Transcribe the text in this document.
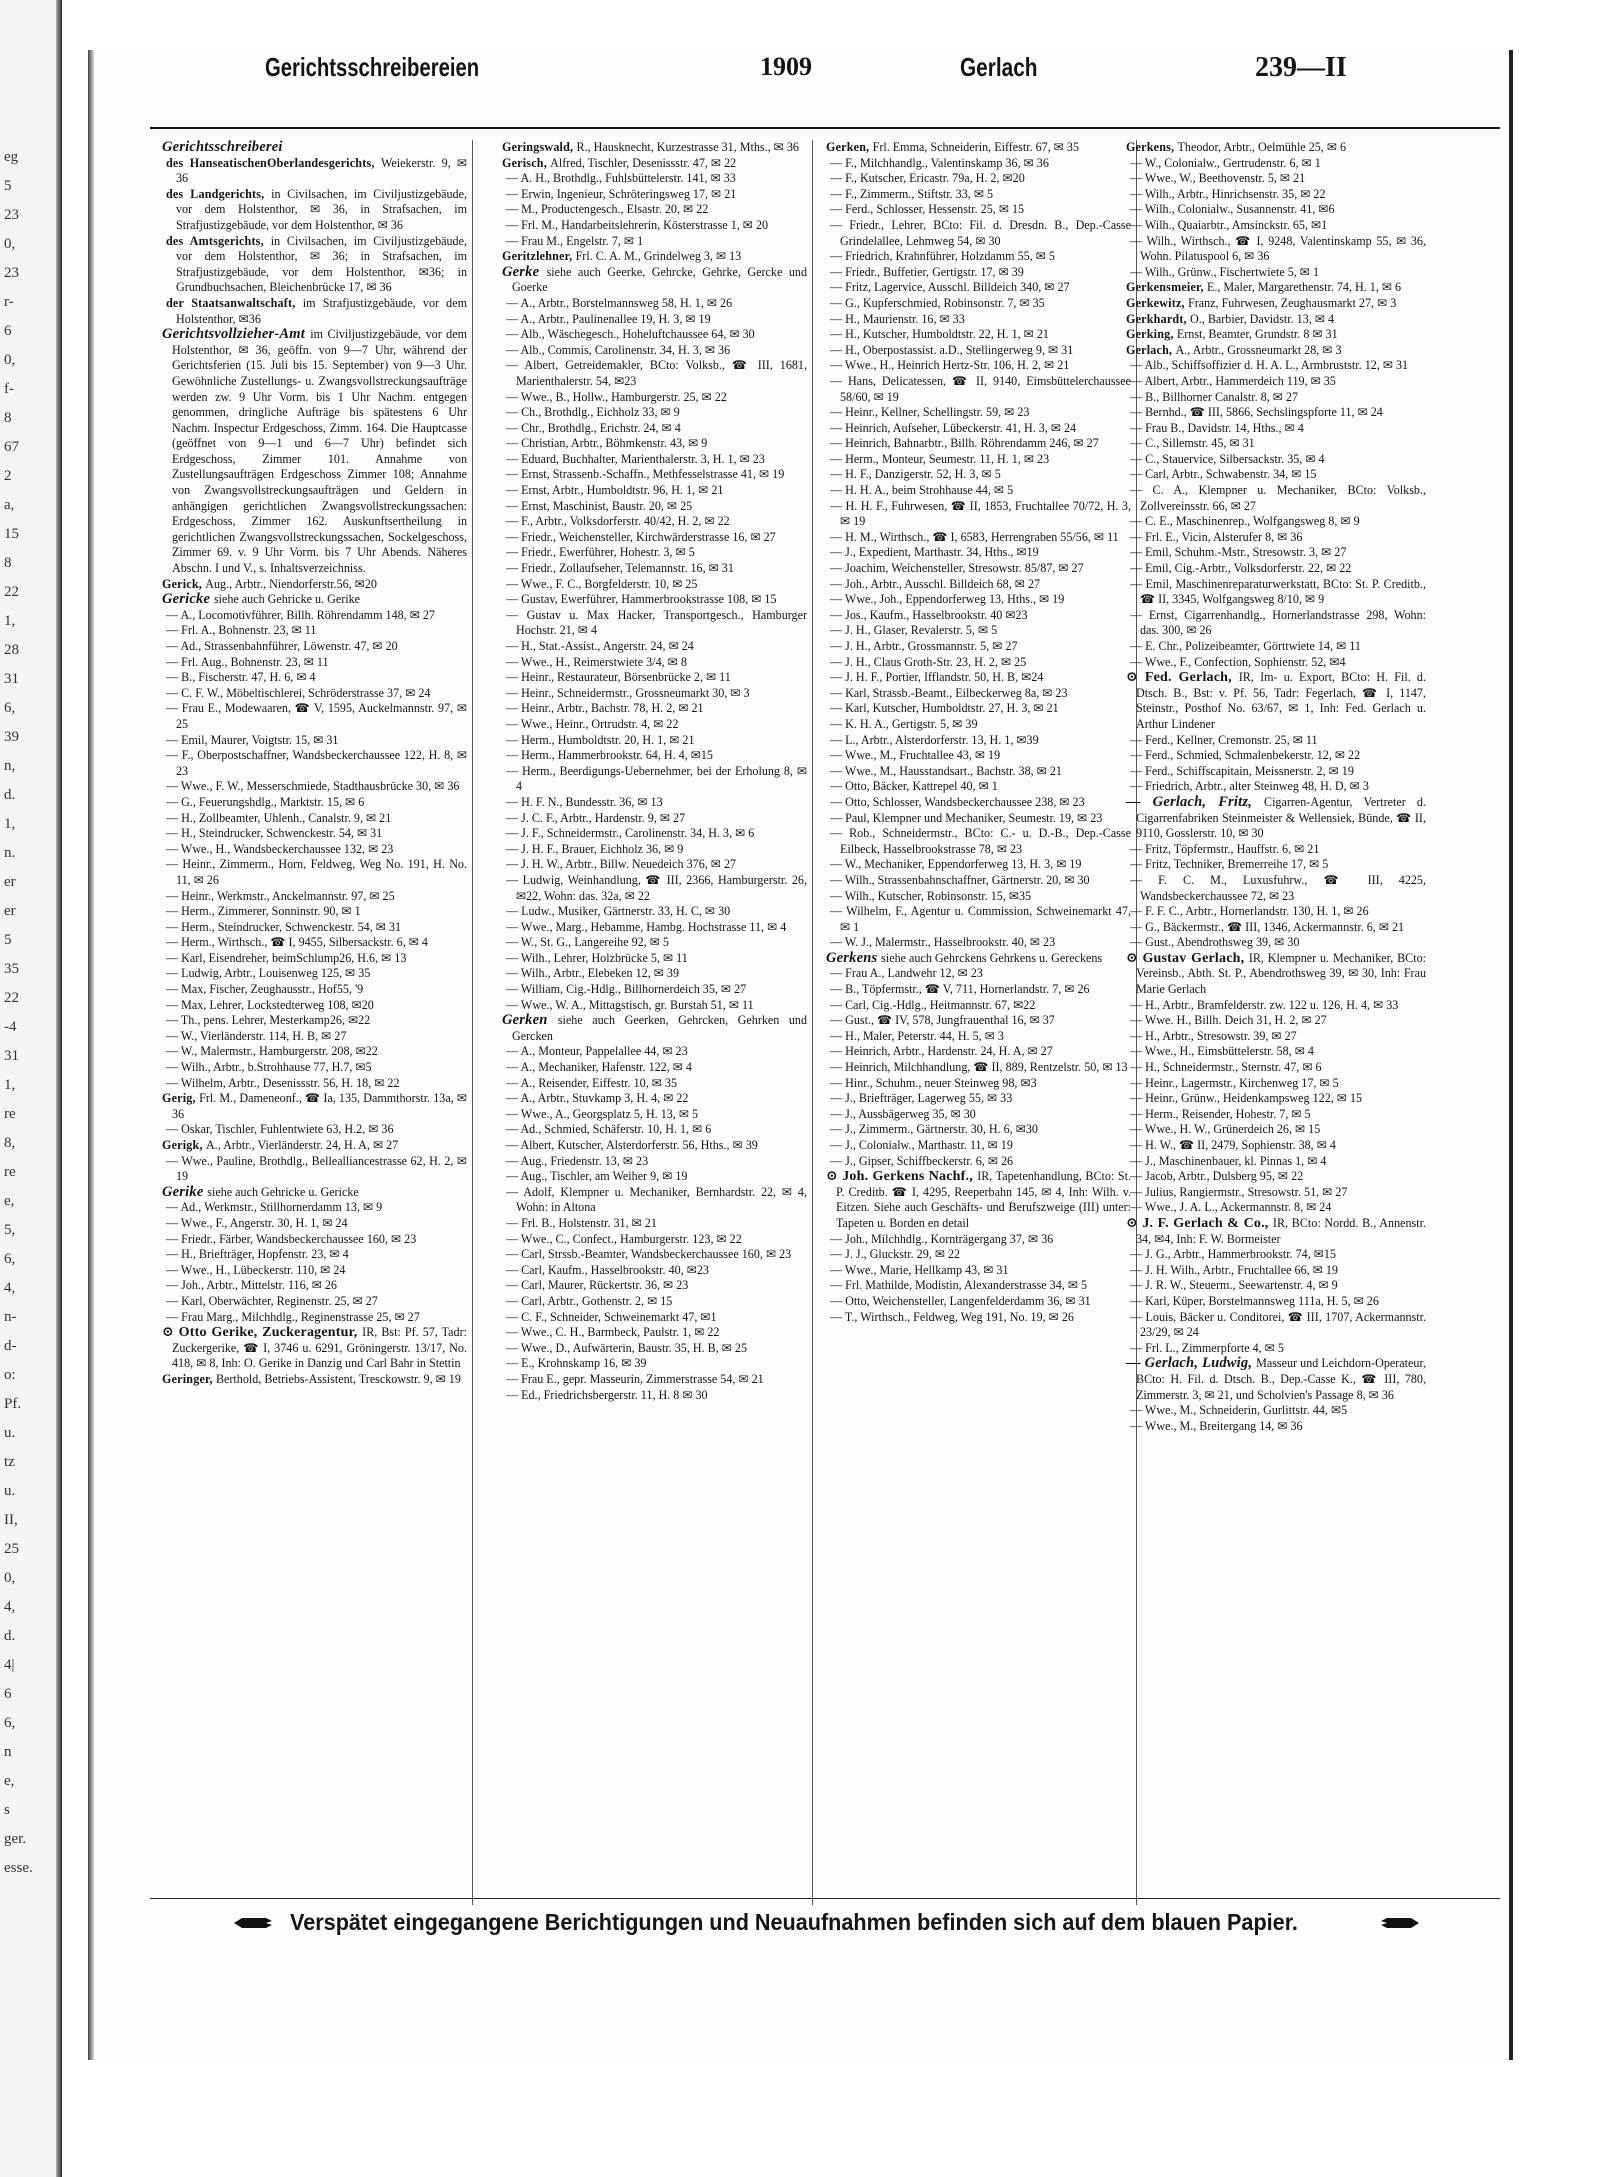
eg
5
23
0,
23
r-
6
0,
f-
8
67
2
a,
15
8
22
1,
28
31
6,
39
n,
d.
1,
n.
er
er
5
35
22
-4
31
1,
re
8,
re
e,
5,
6,
4,
n-
d-
o:
Pf.
u.
tz
u.
II,
25
0,
4,
d.
4|
6
6,
n
e,
s
ger.
esse.
Gerichtsschreibereien	1909	Gerlach	239—II

Gerichtsschreiberei

des HanseatischenOberlandesgerichts, Weiekerstr. 9, ✉ 36

des Landgerichts, in Civilsachen, im Civiljustizgebäude, vor dem Holstenthor, ✉ 36, in Strafsachen, im Strafjustizgebäude, vor dem Holstenthor, ✉ 36

des Amtsgerichts, in Civilsachen, im Civiljustizgebäude, vor dem Holstenthor, ✉ 36; in Strafsachen, im Strafjustizgebäude, vor dem Holstenthor, ✉36; in Grundbuchsachen, Bleichenbrücke 17, ✉ 36

der Staatsanwaltschaft, im Strafjustizgebäude, vor dem Holstenthor, ✉36

Gerichtsvollzieher-Amt im Civiljustizgebäude, vor dem Holstenthor, ✉ 36, geöffn. von 9—7 Uhr, während der Gerichtsferien (15. Juli bis 15. September) von 9—3 Uhr. Gewöhnliche Zustellungs- u. Zwangsvollstreckungsaufträge werden zw. 9 Uhr Vorm. bis 1 Uhr Nachm. entgegen genommen, dringliche Aufträge bis spätestens 6 Uhr Nachm. Inspectur Erdgeschoss, Zimm. 164. Die Hauptcasse (geöffnet von 9—1 und 6—7 Uhr) befindet sich Erdgeschoss, Zimmer 101. Annahme von Zustellungsaufträgen Erdgeschoss Zimmer 108; Annahme von Zwangsvollstreckungsaufträgen und Geldern in anhängigen gerichtlichen Zwangsvollstreckungssachen: Erdgeschoss, Zimmer 162. Auskunftsertheilung in gerichtlichen Zwangsvollstreckungssachen, Sockelgeschoss, Zimmer 69. v. 9 Uhr Vorm. bis 7 Uhr Abends. Näheres Abschn. I und V., s. Inhaltsverzeichniss.

Gerick, Aug., Arbtr., Niendorferstr.56, ✉20

Gericke siehe auch Gehricke u. Gerike

— A., Locomotivführer, Billh. Röhrendamm 148, ✉ 27

— Frl. A., Bohnenstr. 23, ✉ 11

— Ad., Strassenbahnführer, Löwenstr. 47, ✉ 20

— Frl. Aug., Bohnenstr. 23, ✉ 11

— B., Fischerstr. 47, H. 6, ✉ 4

— C. F. W., Möbeltischlerei, Schröderstrasse 37, ✉ 24

— Frau E., Modewaaren, ☎ V, 1595, Auckelmannstr. 97, ✉ 25

— Emil, Maurer, Voigtstr. 15, ✉ 31

— F., Oberpostschaffner, Wandsbeckerchaussee 122, H. 8, ✉ 23

— Wwe., F. W., Messerschmiede, Stadthausbrücke 30, ✉ 36

— G., Feuerungshdlg., Marktstr. 15, ✉ 6

— H., Zollbeamter, Uhlenh., Canalstr. 9, ✉ 21

— H., Steindrucker, Schwenckestr. 54, ✉ 31

— Wwe., H., Wandsbeckerchaussee 132, ✉ 23

— Heinr., Zimmerm., Horn, Feldweg, Weg No. 191, H. No. 11, ✉ 26

— Heinr., Werkmstr., Anckelmannstr. 97, ✉ 25

— Herm., Zimmerer, Sonninstr. 90, ✉ 1

— Herm., Steindrucker, Schwenckestr. 54, ✉ 31

— Herm., Wirthsch., ☎ I, 9455, Silbersackstr. 6, ✉ 4

— Karl, Eisendreher, beimSchlump26, H.6, ✉ 13

— Ludwig, Arbtr., Louisenweg 125, ✉ 35

— Max, Fischer, Zeughausstr., Hof55, '9

— Max, Lehrer, Lockstedterweg 108, ✉20

— Th., pens. Lehrer, Mesterkamp26, ✉22

— W., Vierländerstr. 114, H. B, ✉ 27

— W., Malermstr., Hamburgerstr. 208, ✉22

— Wilh., Arbtr., b.Strohhause 77, H.7, ✉5

— Wilhelm, Arbtr., Desenissstr. 56, H. 18, ✉ 22

Gerig, Frl. M., Dameneonf., ☎ Ia, 135, Dammthorstr. 13a, ✉ 36

— Oskar, Tischler, Fuhlentwiete 63, H.2, ✉ 36

Gerigk, A., Arbtr., Vierländerstr. 24, H. A, ✉ 27

— Wwe., Pauline, Brothdlg., Bellealliancestrasse 62, H. 2, ✉ 19

Gerike siehe auch Gehricke u. Gericke

— Ad., Werkmstr., Stillhornerdamm 13, ✉ 9

— Wwe., F., Angerstr. 30, H. 1, ✉ 24

— Friedr., Färber, Wandsbeckerchaussee 160, ✉ 23

— H., Briefträger, Hopfenstr. 23, ✉ 4

— Wwe., H., Lübeckerstr. 110, ✉ 24

— Joh., Arbtr., Mittelstr. 116, ✉ 26

— Karl, Oberwächter, Reginenstr. 25, ✉ 27

— Frau Marg., Milchhdlg., Reginenstrasse 25, ✉ 27

⊙ Otto Gerike, Zuckeragentur, IR, Bst: Pf. 57, Tadr: Zuckergerike, ☎ I, 3746 u. 6291, Gröningerstr. 13/17, No. 418, ✉ 8, Inh: O. Gerike in Danzig und Carl Bahr in Stettin

Geringer, Berthold, Betriebs-Assistent, Tresckowstr. 9, ✉ 19

Geringswald, R., Hausknecht, Kurzestrasse 31, Mths., ✉ 36

Gerisch, Alfred, Tischler, Desenissstr. 47, ✉ 22

— A. H., Brothdlg., Fuhlsbüttelerstr. 141, ✉ 33

— Erwin, Ingenieur, Schröteringsweg 17, ✉ 21

— M., Productengesch., Elsastr. 20, ✉ 22

— Frl. M., Handarbeitslehrerin, Kösterstrasse 1, ✉ 20

— Frau M., Engelstr. 7, ✉ 1

Geritzlehner, Frl. C. A. M., Grindelweg 3, ✉ 13

Gerke siehe auch Geerke, Gehrcke, Gehrke, Gercke und Goerke

— A., Arbtr., Borstelmannsweg 58, H. 1, ✉ 26

— A., Arbtr., Paulinenallee 19, H. 3, ✉ 19

— Alb., Wäschegesch., Hoheluftchaussee 64, ✉ 30

— Alb., Commis, Carolinenstr. 34, H. 3, ✉ 36

— Albert, Getreidemakler, BCto: Volksb., ☎ III, 1681, Marienthalerstr. 54, ✉23

— Wwe., B., Hollw., Hamburgerstr. 25, ✉ 22

— Ch., Brothdlg., Eichholz 33, ✉ 9

— Chr., Brothdlg., Erichstr. 24, ✉ 4

— Christian, Arbtr., Böhmkenstr. 43, ✉ 9

— Eduard, Buchhalter, Marienthalerstr. 3, H. 1, ✉ 23

— Ernst, Strassenb.-Schaffn., Methfesselstrasse 41, ✉ 19

— Ernst, Arbtr., Humboldtstr. 96, H. 1, ✉ 21

— Ernst, Maschinist, Baustr. 20, ✉ 25

— F., Arbtr., Volksdorferstr. 40/42, H. 2, ✉ 22

— Friedr., Weichensteller, Kirchwärderstrasse 16, ✉ 27

— Friedr., Ewerführer, Hohestr. 3, ✉ 5

— Friedr., Zollaufseher, Telemannstr. 16, ✉ 31

— Wwe., F. C., Borgfelderstr. 10, ✉ 25

— Gustav, Ewerführer, Hammerbrookstrasse 108, ✉ 15

— Gustav u. Max Hacker, Transportgesch., Hamburger Hochstr. 21, ✉ 4

— H., Stat.-Assist., Angerstr. 24, ✉ 24

— Wwe., H., Reimerstwiete 3/4, ✉ 8

— Heinr., Restaurateur, Börsenbrücke 2, ✉ 11

— Heinr., Schneidermstr., Grossneumarkt 30, ✉ 3

— Heinr., Arbtr., Bachstr. 78, H. 2, ✉ 21

— Wwe., Heinr., Ortrudstr. 4, ✉ 22

— Herm., Humboldtstr. 20, H. 1, ✉ 21

— Herm., Hammerbrookstr. 64, H. 4, ✉15

— Herm., Beerdigungs-Uebernehmer, bei der Erholung 8, ✉ 4

— H. F. N., Bundesstr. 36, ✉ 13

— J. C. F., Arbtr., Hardenstr. 9, ✉ 27

— J. F., Schneidermstr., Carolinenstr. 34, H. 3, ✉ 6

— J. H. F., Brauer, Eichholz 36, ✉ 9

— J. H. W., Arbtr., Billw. Neuedeich 376, ✉ 27

— Ludwig, Weinhandlung, ☎ III, 2366, Hamburgerstr. 26, ✉22, Wohn: das. 32a, ✉ 22

— Ludw., Musiker, Gärtnerstr. 33, H. C, ✉ 30

— Wwe., Marg., Hebamme, Hambg. Hochstrasse 11, ✉ 4

— W., St. G., Langereihe 92, ✉ 5

— Wilh., Lehrer, Holzbrücke 5, ✉ 11

— Wilh., Arbtr., Elebeken 12, ✉ 39

— William, Cig.-Hdlg., Billhornerdeich 35, ✉ 27

— Wwe., W. A., Mittagstisch, gr. Burstah 51, ✉ 11

Gerken siehe auch Geerken, Gehrcken, Gehrken und Gercken

— A., Monteur, Pappelallee 44, ✉ 23

— A., Mechaniker, Hafenstr. 122, ✉ 4

— A., Reisender, Eiffestr. 10, ✉ 35

— A., Arbtr., Stuvkamp 3, H. 4, ✉ 22

— Wwe., A., Georgsplatz 5, H. 13, ✉ 5

— Ad., Schmied, Schäferstr. 10, H. 1, ✉ 6

— Albert, Kutscher, Alsterdorferstr. 56, Hths., ✉ 39

— Aug., Friedenstr. 13, ✉ 23

— Aug., Tischler, am Weiher 9, ✉ 19

— Adolf, Klempner u. Mechaniker, Bernhardstr. 22, ✉ 4, Wohn: in Altona

— Frl. B., Holstenstr. 31, ✉ 21

— Wwe., C., Confect., Hamburgerstr. 123, ✉ 22

— Carl, Strssb.-Beamter, Wandsbeckerchaussee 160, ✉ 23

— Carl, Kaufm., Hasselbrookstr. 40, ✉23

— Carl, Maurer, Rückertstr. 36, ✉ 23

— Carl, Arbtr., Gothenstr. 2, ✉ 15

— C. F., Schneider, Schweinemarkt 47, ✉1

— Wwe., C. H., Barmbeck, Paulstr. 1, ✉ 22

— Wwe., D., Aufwärterin, Baustr. 35, H. B, ✉ 25

— E., Krohnskamp 16, ✉ 39

— Frau E., gepr. Masseurin, Zimmerstrasse 54, ✉ 21

— Ed., Friedrichsbergerstr. 11, H. 8 ✉ 30

Gerken, Frl. Emma, Schneiderin, Eiffestr. 67, ✉ 35

— F., Milchhandlg., Valentinskamp 36, ✉ 36

— F., Kutscher, Ericastr. 79a, H. 2, ✉20

— F., Zimmerm., Stiftstr. 33, ✉ 5

— Ferd., Schlosser, Hessenstr. 25, ✉ 15

— Friedr., Lehrer, BCto: Fil. d. Dresdn. B., Dep.-Casse Grindelallee, Lehmweg 54, ✉ 30

— Friedrich, Krahnführer, Holzdamm 55, ✉ 5

— Friedr., Buffetier, Gertigstr. 17, ✉ 39

— Fritz, Lagervice, Ausschl. Billdeich 340, ✉ 27

— G., Kupferschmied, Robinsonstr. 7, ✉ 35

— H., Maurienstr. 16, ✉ 33

— H., Kutscher, Humboldtstr. 22, H. 1, ✉ 21

— H., Oberpostassist. a.D., Stellingerweg 9, ✉ 31

— Wwe., H., Heinrich Hertz-Str. 106, H. 2, ✉ 21

— Hans, Delicatessen, ☎ II, 9140, Eimsbüttelerchaussee 58/60, ✉ 19

— Heinr., Kellner, Schellingstr. 59, ✉ 23

— Heinrich, Aufseher, Lübeckerstr. 41, H. 3, ✉ 24

— Heinrich, Bahnarbtr., Billh. Röhrendamm 246, ✉ 27

— Herm., Monteur, Seumestr. 11, H. 1, ✉ 23

— H. F., Danzigerstr. 52, H. 3, ✉ 5

— H. H. A., beim Strohhause 44, ✉ 5

— H. H. F., Fuhrwesen, ☎ II, 1853, Fruchtallee 70/72, H. 3, ✉ 19

— H. M., Wirthsch., ☎ I, 6583, Herrengraben 55/56, ✉ 11

— J., Expedient, Marthastr. 34, Hths., ✉19

— Joachim, Weichensteller, Stresowstr. 85/87, ✉ 27

— Joh., Arbtr., Ausschl. Billdeich 68, ✉ 27

— Wwe., Joh., Eppendorferweg 13, Hths., ✉ 19

— Jos., Kaufm., Hasselbrookstr. 40 ✉23

— J. H., Glaser, Revalerstr. 5, ✉ 5

— J. H., Arbtr., Grossmannstr. 5, ✉ 27

— J. H., Claus Groth-Str. 23, H. 2, ✉ 25

— J. H. F., Portier, Ifflandstr. 50, H. B, ✉24

— Karl, Strassb.-Beamt., Eilbeckerweg 8a, ✉ 23

— Karl, Kutscher, Humboldtstr. 27, H. 3, ✉ 21

— K. H. A., Gertigstr. 5, ✉ 39

— L., Arbtr., Alsterdorferstr. 13, H. 1, ✉39

— Wwe., M., Fruchtallee 43, ✉ 19

— Wwe., M., Hausstandsart., Bachstr. 38, ✉ 21

— Otto, Bäcker, Kattrepel 40, ✉ 1

— Otto, Schlosser, Wandsbeckerchaussee 238, ✉ 23

— Paul, Klempner und Mechaniker, Seumestr. 19, ✉ 23

— Rob., Schneidermstr., BCto: C.- u. D.-B., Dep.-Casse Eilbeck, Hasselbrookstrasse 78, ✉ 23

— W., Mechaniker, Eppendorferweg 13, H. 3, ✉ 19

— Wilh., Strassenbahnschaffner, Gärtnerstr. 20, ✉ 30

— Wilh., Kutscher, Robinsonstr. 15, ✉35

— Wilhelm, F., Agentur u. Commission, Schweinemarkt 47, ✉ 1

— W. J., Malermstr., Hasselbrookstr. 40, ✉ 23

Gerkens siehe auch Gehrckens Gehrkens u. Gereckens

— Frau A., Landwehr 12, ✉ 23

— B., Töpfermstr., ☎ V, 711, Hornerlandstr. 7, ✉ 26

— Carl, Cig.-Hdlg., Heitmannstr. 67, ✉22

— Gust., ☎ IV, 578, Jungfrauenthal 16, ✉ 37

— H., Maler, Peterstr. 44, H. 5, ✉ 3

— Heinrich, Arbtr., Hardenstr. 24, H. A, ✉ 27

— Heinrich, Milchhandlung, ☎ II, 889, Rentzelstr. 50, ✉ 13

— Hinr., Schuhm., neuer Steinweg 98, ✉3

— J., Briefträger, Lagerweg 55, ✉ 33

— J., Aussbägerweg 35, ✉ 30

— J., Zimmerm., Gärtnerstr. 30, H. 6, ✉30

— J., Colonialw., Marthastr. 11, ✉ 19

— J., Gipser, Schiffbeckerstr. 6, ✉ 26

⊙ Joh. Gerkens Nachf., IR, Tapetenhandlung, BCto: St. P. Creditb. ☎ I, 4295, Reeperbahn 145, ✉ 4, Inh: Wilh. v. Eitzen. Siehe auch Geschäfts- und Berufszweige (III) unter: Tapeten u. Borden en detail

— Joh., Milchhdlg., Kornträgergang 37, ✉ 36

— J. J., Gluckstr. 29, ✉ 22

— Wwe., Marie, Hellkamp 43, ✉ 31

— Frl. Mathilde, Modistin, Alexanderstrasse 34, ✉ 5

— Otto, Weichensteller, Langenfelderdamm 36, ✉ 31

— T., Wirthsch., Feldweg, Weg 191, No. 19, ✉ 26

Gerkens, Theodor, Arbtr., Oelmühle 25, ✉ 6

— W., Colonialw., Gertrudenstr. 6, ✉ 1

— Wwe., W., Beethovenstr. 5, ✉ 21

— Wilh., Arbtr., Hinrichsenstr. 35, ✉ 22

— Wilh., Colonialw., Susannenstr. 41, ✉6

— Wilh., Quaiarbtr., Amsinckstr. 65, ✉1

— Wilh., Wirthsch., ☎ I, 9248, Valentinskamp 55, ✉ 36, Wohn. Pilatuspool 6, ✉ 36

— Wilh., Grünw., Fischertwiete 5, ✉ 1

Gerkensmeier, E., Maler, Margarethenstr. 74, H. 1, ✉ 6

Gerkewitz, Franz, Fuhrwesen, Zeughausmarkt 27, ✉ 3

Gerkhardt, O., Barbier, Davidstr. 13, ✉ 4

Gerking, Ernst, Beamter, Grundstr. 8 ✉ 31

Gerlach, A., Arbtr., Grossneumarkt 28, ✉ 3

— Alb., Schiffsoffizier d. H. A. L., Armbruststr. 12, ✉ 31

— Albert, Arbtr., Hammerdeich 119, ✉ 35

— B., Billhorner Canalstr. 8, ✉ 27

— Bernhd., ☎ III, 5866, Sechslingspforte 11, ✉ 24

— Frau B., Davidstr. 14, Hths., ✉ 4

— C., Sillemstr. 45, ✉ 31

— C., Stauervice, Silbersackstr. 35, ✉ 4

— Carl, Arbtr., Schwabenstr. 34, ✉ 15

— C. A., Klempner u. Mechaniker, BCto: Volksb., Zollvereinsstr. 66, ✉ 27

— C. E., Maschinenrep., Wolfgangsweg 8, ✉ 9

— Frl. E., Vicin, Alsterufer 8, ✉ 36

— Emil, Schuhm.-Mstr., Stresowstr. 3, ✉ 27

— Emil, Cig.-Arbtr., Volksdorferstr. 22, ✉ 22

— Emil, Maschinenreparaturwerkstatt, BCto: St. P. Creditb., ☎ II, 3345, Wolfgangsweg 8/10, ✉ 9

— Ernst, Cigarrenhandlg., Hornerlandstrasse 298, Wohn: das. 300, ✉ 26

— E. Chr., Polizeibeamter, Görttwiete 14, ✉ 11

— Wwe., F., Confection, Sophienstr. 52, ✉4

⊙ Fed. Gerlach, IR, Im- u. Export, BCto: H. Fil. d. Dtsch. B., Bst: v. Pf. 56, Tadr: Fegerlach, ☎ I, 1147, Steinstr., Posthof No. 63/67, ✉ 1, Inh: Fed. Gerlach u. Arthur Lindener

— Ferd., Kellner, Cremonstr. 25, ✉ 11

— Ferd., Schmied, Schmalenbekerstr. 12, ✉ 22

— Ferd., Schiffscapitain, Meissnerstr. 2, ✉ 19

— Friedrich, Arbtr., alter Steinweg 48, H. D, ✉ 3

— Gerlach, Fritz, Cigarren-Agentur, Vertreter d. Cigarrenfabriken Steinmeister & Wellensiek, Bünde, ☎ II, 9110, Gosslerstr. 10, ✉ 30

— Fritz, Töpfermstr., Hauffstr. 6, ✉ 21

— Fritz, Techniker, Bremerreihe 17, ✉ 5

— F. C. M., Luxusfuhrw., ☎ III, 4225, Wandsbeckerchaussee 72, ✉ 23

— F. F. C., Arbtr., Hornerlandstr. 130, H. 1, ✉ 26

— G., Bäckermstr., ☎ III, 1346, Ackermannstr. 6, ✉ 21

— Gust., Abendrothsweg 39, ✉ 30

⊙ Gustav Gerlach, IR, Klempner u. Mechaniker, BCto: Vereinsb., Abth. St. P., Abendrothsweg 39, ✉ 30, Inh: Frau Marie Gerlach

— H., Arbtr., Bramfelderstr. zw. 122 u. 126, H. 4, ✉ 33

— Wwe. H., Billh. Deich 31, H. 2, ✉ 27

— H., Arbtr., Stresowstr. 39, ✉ 27

— Wwe., H., Eimsbüttelerstr. 58, ✉ 4

— H., Schneidermstr., Sternstr. 47, ✉ 6

— Heinr., Lagermstr., Kirchenweg 17, ✉ 5

— Heinr., Grünw., Heidenkampsweg 122, ✉ 15

— Herm., Reisender, Hohestr. 7, ✉ 5

— Wwe., H. W., Grünerdeich 26, ✉ 15

— H. W., ☎ II, 2479, Sophienstr. 38, ✉ 4

— J., Maschinenbauer, kl. Pinnas 1, ✉ 4

— Jacob, Arbtr., Dulsberg 95, ✉ 22

— Julius, Rangiermstr., Stresowstr. 51, ✉ 27

— Wwe., J. A. L., Ackermannstr. 8, ✉ 24

⊙ J. F. Gerlach & Co., IR, BCto: Nordd. B., Annenstr. 34, ✉4, Inh: F. W. Bormeister

— J. G., Arbtr., Hammerbrookstr. 74, ✉15

— J. H. Wilh., Arbtr., Fruchtallee 66, ✉ 19

— J. R. W., Steuerm., Seewartenstr. 4, ✉ 9

— Karl, Küper, Borstelmannsweg 111a, H. 5, ✉ 26

— Louis, Bäcker u. Conditorei, ☎ III, 1707, Ackermannstr. 23/29, ✉ 24

— Frl. L., Zimmerpforte 4, ✉ 5

— Gerlach, Ludwig, Masseur und Leichdorn-Operateur, BCto: H. Fil. d. Dtsch. B., Dep.-Casse K., ☎ III, 780, Zimmerstr. 3, ✉ 21, und Scholvien's Passage 8, ✉ 36

— Wwe., M., Schneiderin, Gurlittstr. 44, ✉5

— Wwe., M., Breitergang 14, ✉ 36

Verspätet eingegangene Berichtigungen und Neuaufnahmen befinden sich auf dem blauen Papier.
